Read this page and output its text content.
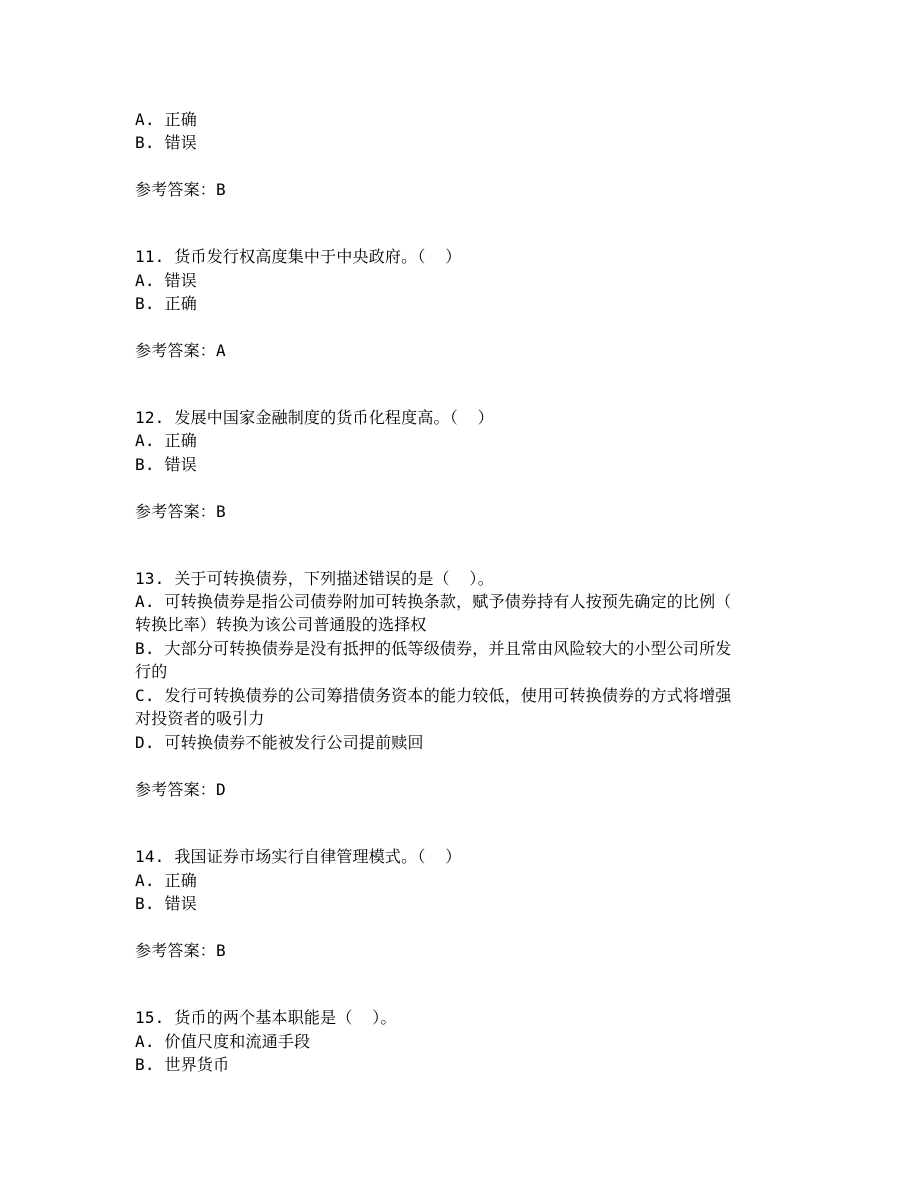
A. 正确
B. 错误
参考答案：B
11. 货币发行权高度集中于中央政府。（  ）
A. 错误
B. 正确
参考答案：A
12. 发展中国家金融制度的货币化程度高。（  ）
A. 正确
B. 错误
参考答案：B
13. 关于可转换债券，下列描述错误的是（  ）。
A. 可转换债券是指公司债券附加可转换条款，赋予债券持有人按预先确定的比例（
转换比率）转换为该公司普通股的选择权
B. 大部分可转换债券是没有抵押的低等级债券，并且常由风险较大的小型公司所发
行的
C. 发行可转换债券的公司筹措债务资本的能力较低，使用可转换债券的方式将增强
对投资者的吸引力
D. 可转换债券不能被发行公司提前赎回
参考答案：D
14. 我国证券市场实行自律管理模式。（  ）
A. 正确
B. 错误
参考答案：B
15. 货币的两个基本职能是（  ）。
A. 价值尺度和流通手段
B. 世界货币
